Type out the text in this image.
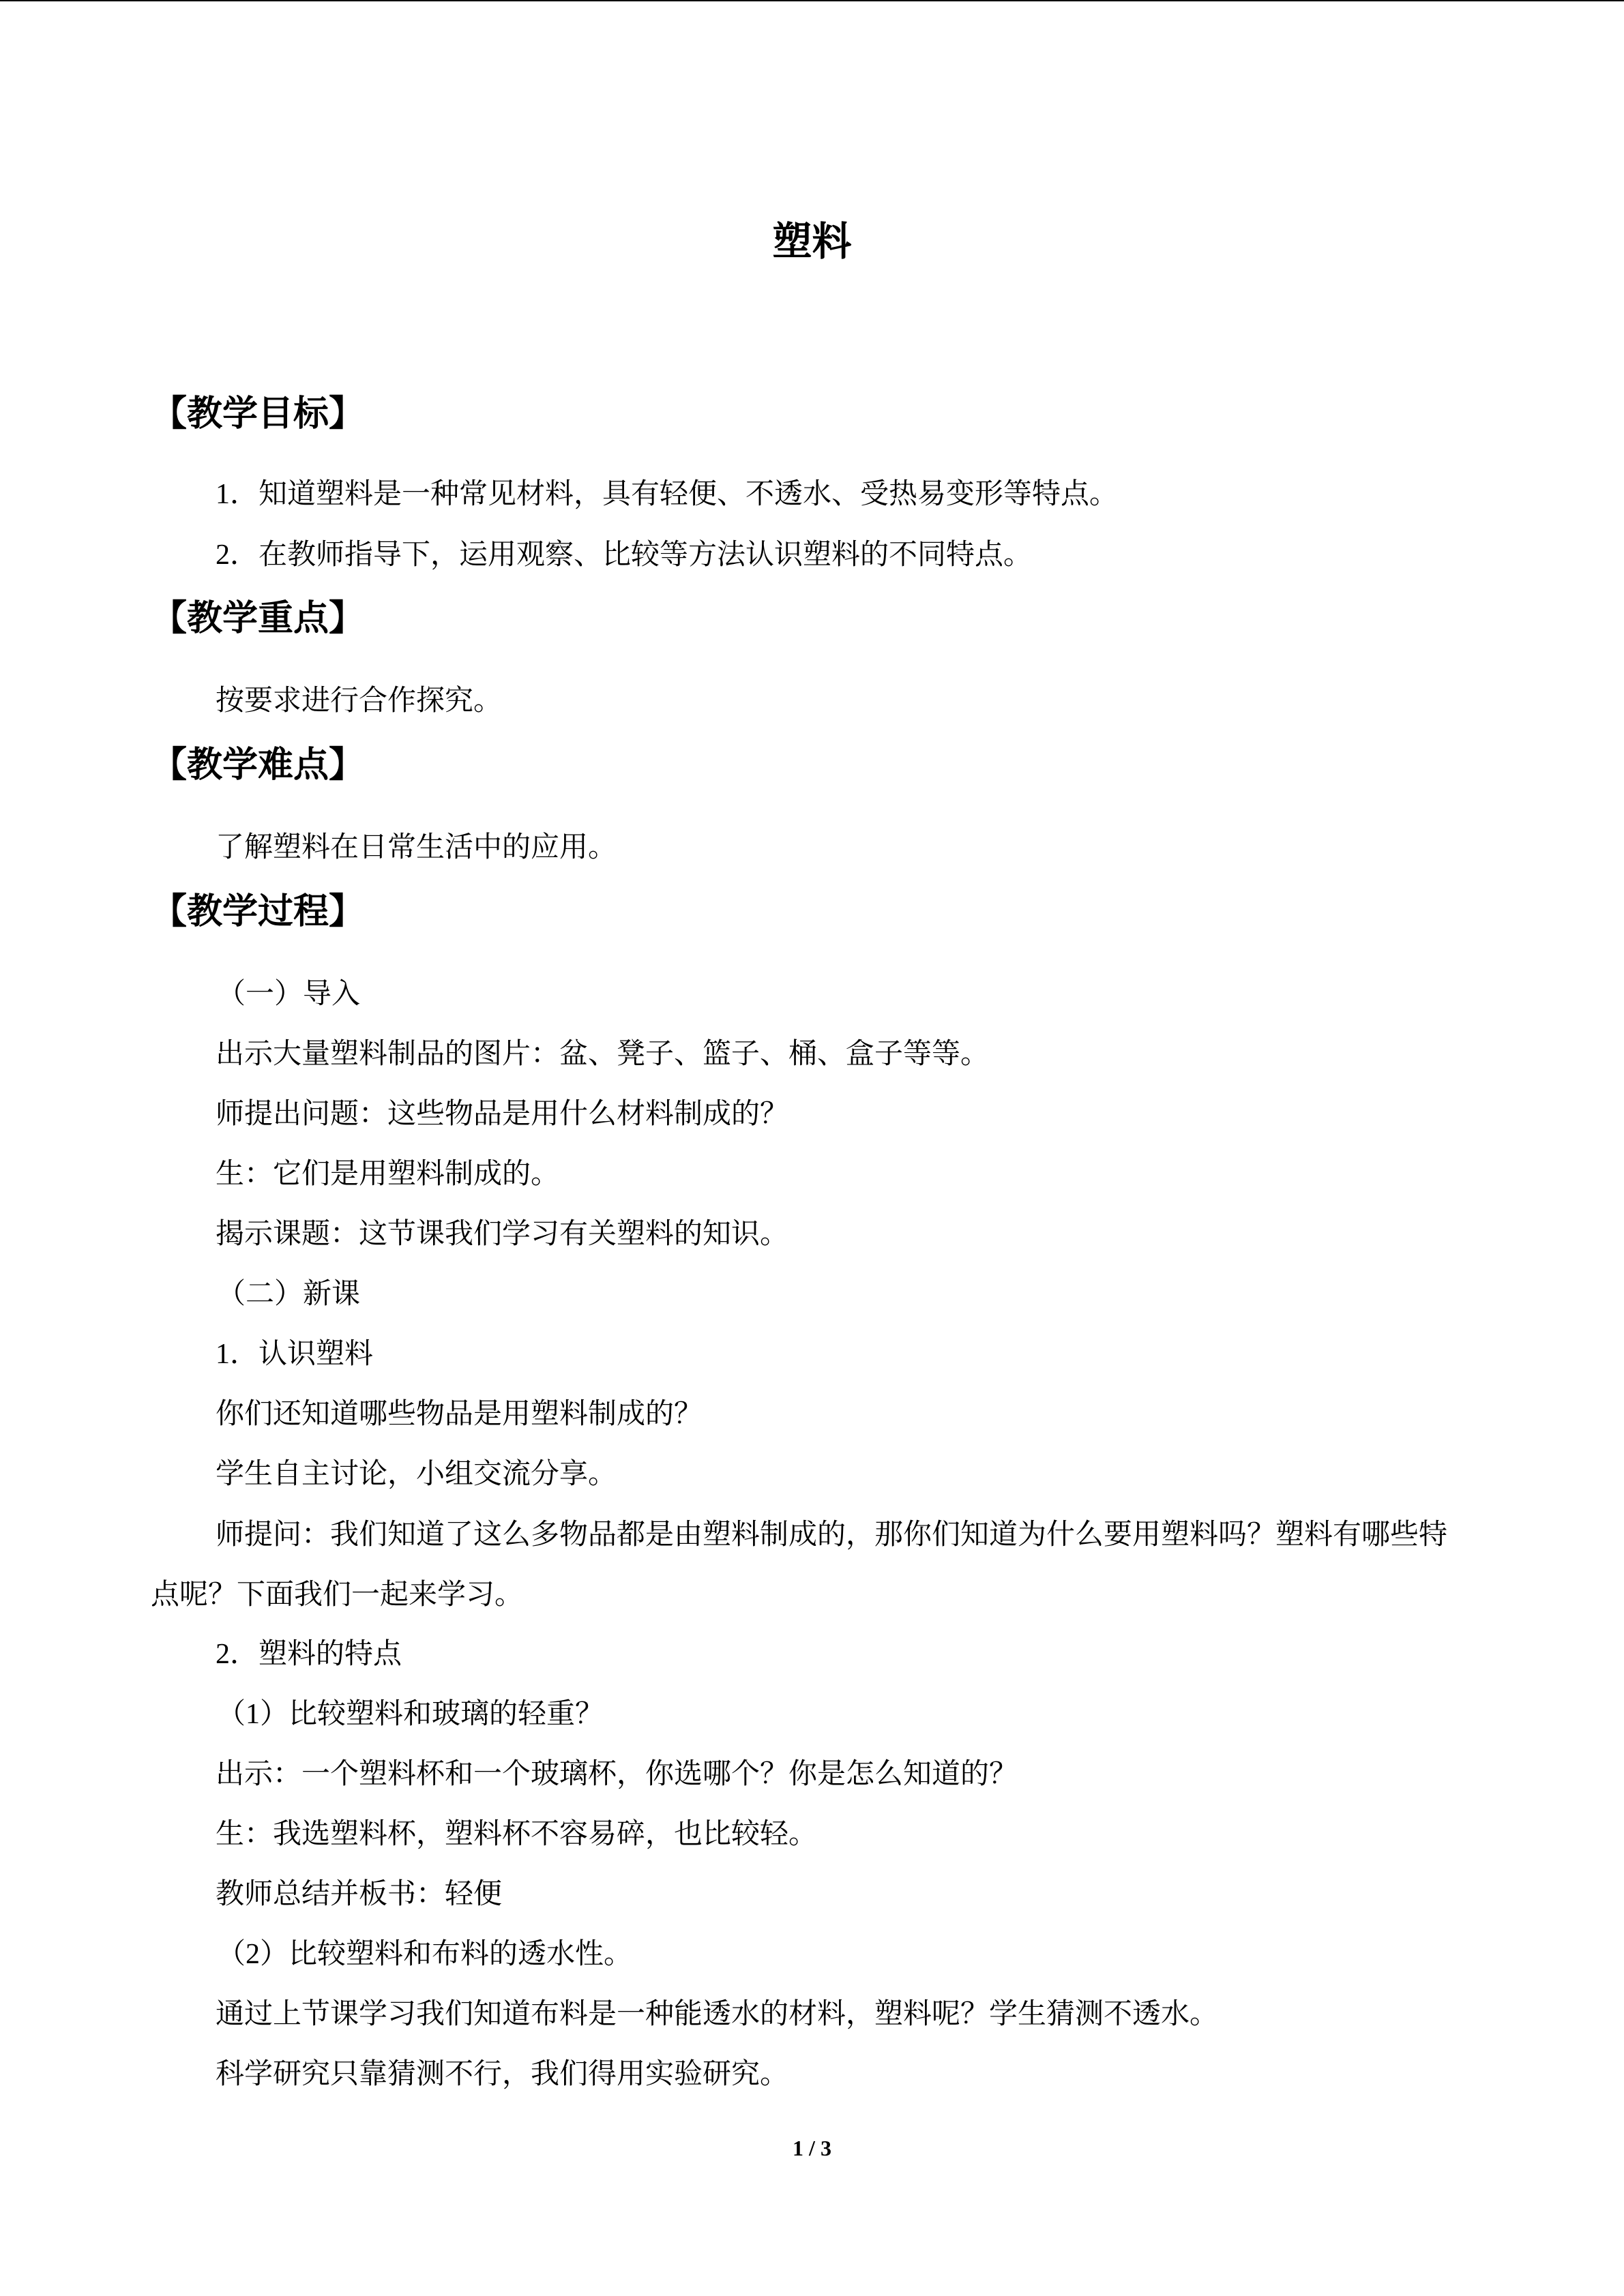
塑料
【教学目标】
1．知道塑料是一种常见材料，具有轻便、不透水、受热易变形等特点。
2．在教师指导下，运用观察、比较等方法认识塑料的不同特点。
【教学重点】
按要求进行合作探究。
【教学难点】
了解塑料在日常生活中的应用。
【教学过程】
（一）导入
出示大量塑料制品的图片：盆、凳子、篮子、桶、盒子等等。
师提出问题：这些物品是用什么材料制成的？
生：它们是用塑料制成的。
揭示课题：这节课我们学习有关塑料的知识。
（二）新课
1．认识塑料
你们还知道哪些物品是用塑料制成的？
学生自主讨论，小组交流分享。
师提问：我们知道了这么多物品都是由塑料制成的，那你们知道为什么要用塑料吗？塑料有哪些特点呢？下面我们一起来学习。
2．塑料的特点
（1）比较塑料和玻璃的轻重？
出示：一个塑料杯和一个玻璃杯，你选哪个？你是怎么知道的？
生：我选塑料杯，塑料杯不容易碎，也比较轻。
教师总结并板书：轻便
（2）比较塑料和布料的透水性。
通过上节课学习我们知道布料是一种能透水的材料，塑料呢？学生猜测不透水。
科学研究只靠猜测不行，我们得用实验研究。
1 / 3
